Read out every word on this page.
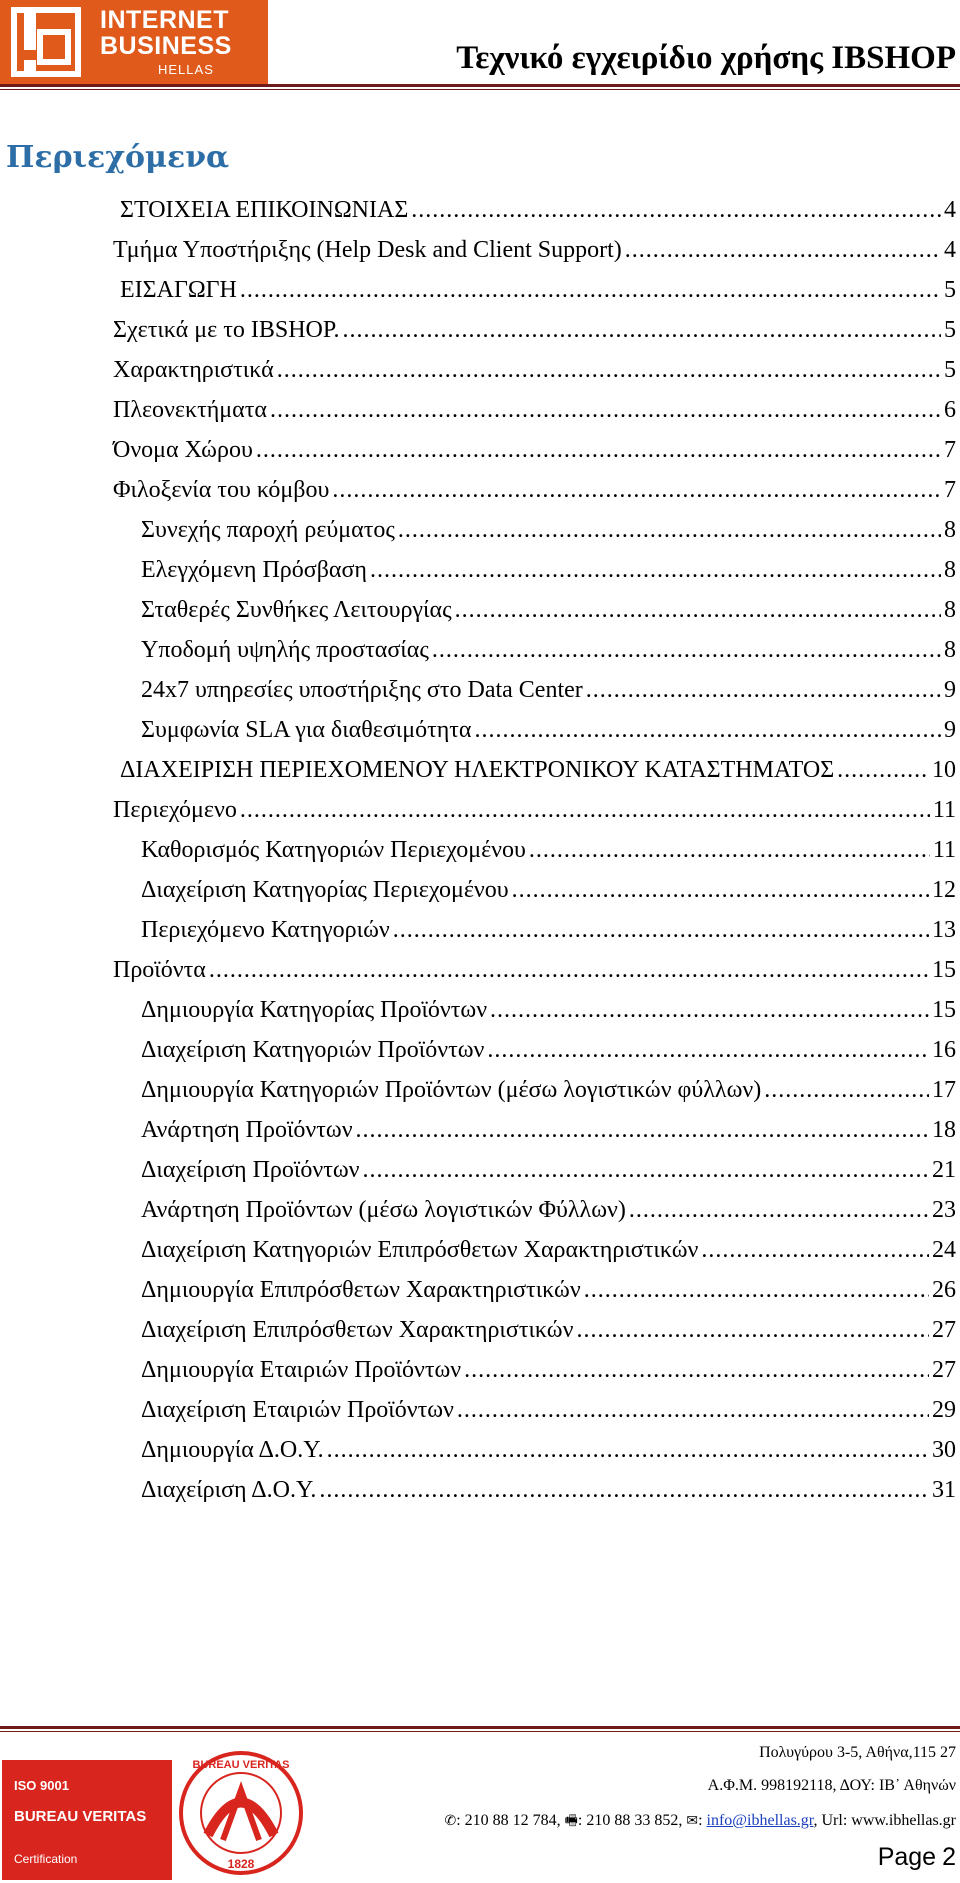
INTERNET
BUSINESS
HELLAS	Τεχνικό εγχειρίδιο χρήσης IBSHOP
Περιεχόμενα
ΣΤΟΙΧΕΙΑ ΕΠΙΚΟΙΝΩΝΙΑΣ .....	4
Τμήμα Υποστήριξης (Help Desk and Client Support) .....	4
ΕΙΣΑΓΩΓΗ .....	5
Σχετικά με το IBSHOP. .....	5
Χαρακτηριστικά .....	5
Πλεονεκτήματα .....	6
Όνομα Χώρου .....	7
Φιλοξενία του κόμβου .....	7
Συνεχής παροχή ρεύματος .....	8
Ελεγχόμενη Πρόσβαση .....	8
Σταθερές Συνθήκες Λειτουργίας .....	8
Υποδομή υψηλής προστασίας .....	8
24x7 υπηρεσίες υποστήριξης στο Data Center .....	9
Συμφωνία SLA για διαθεσιμότητα .....	9
ΔΙΑΧΕΙΡΙΣΗ ΠΕΡΙΕΧΟΜΕΝΟΥ ΗΛΕΚΤΡΟΝΙΚΟΥ ΚΑΤΑΣΤΗΜΑΤΟΣ .....	10
Περιεχόμενο .....	11
Καθορισμός Κατηγοριών Περιεχομένου .....	11
Διαχείριση Κατηγορίας Περιεχομένου .....	12
Περιεχόμενο Κατηγοριών .....	13
Προϊόντα .....	15
Δημιουργία Κατηγορίας Προϊόντων .....	15
Διαχείριση Κατηγοριών Προϊόντων .....	16
Δημιουργία Κατηγοριών Προϊόντων (μέσω λογιστικών φύλλων) .....	17
Ανάρτηση Προϊόντων .....	18
Διαχείριση Προϊόντων .....	21
Ανάρτηση Προϊόντων (μέσω λογιστικών Φύλλων) .....	23
Διαχείριση Κατηγοριών Επιπρόσθετων Χαρακτηριστικών .....	24
Δημιουργία Επιπρόσθετων Χαρακτηριστικών .....	26
Διαχείριση Επιπρόσθετων Χαρακτηριστικών .....	27
Δημιουργία Εταιριών Προϊόντων .....	27
Διαχείριση Εταιριών Προϊόντων .....	29
Δημιουργία Δ.Ο.Υ. .....	30
Διαχείριση Δ.Ο.Υ. .....	31
ISO 9001
BUREAU VERITAS
Certification
BUREAU VERITAS
1828
Πολυγύρου 3-5, Αθήνα,115 27
Α.Φ.Μ. 998192118, ΔΟΥ: ΙΒ᾽ Αθηνών
✆: 210 88 12 784, 🖷: 210 88 33 852, ✉: info@ibhellas.gr, Url: www.ibhellas.gr
Page 2
